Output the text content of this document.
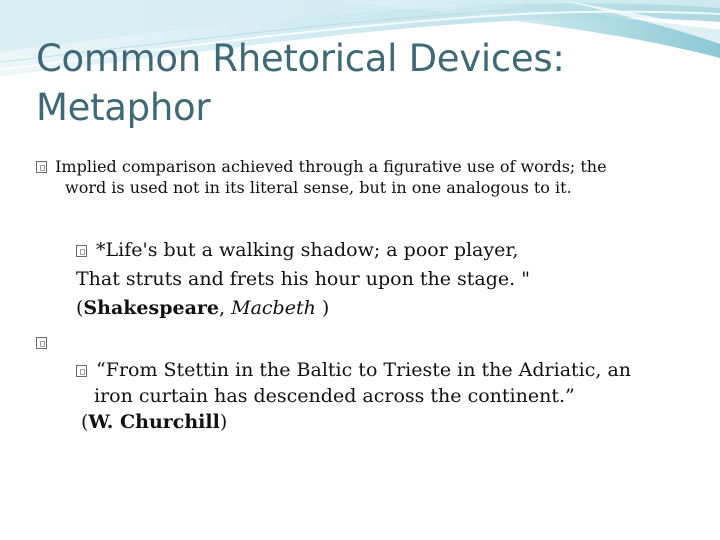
Common Rhetorical Devices:
Metaphor
Implied comparison achieved through a figurative use of words; the
word is used not in its literal sense, but in one analogous to it.
*Life's but a walking shadow; a poor player,
That struts and frets his hour upon the stage. "
(Shakespeare, Macbeth )
“From Stettin in the Baltic to Trieste in the Adriatic, an
iron curtain has descended across the continent.”
(W. Churchill)
